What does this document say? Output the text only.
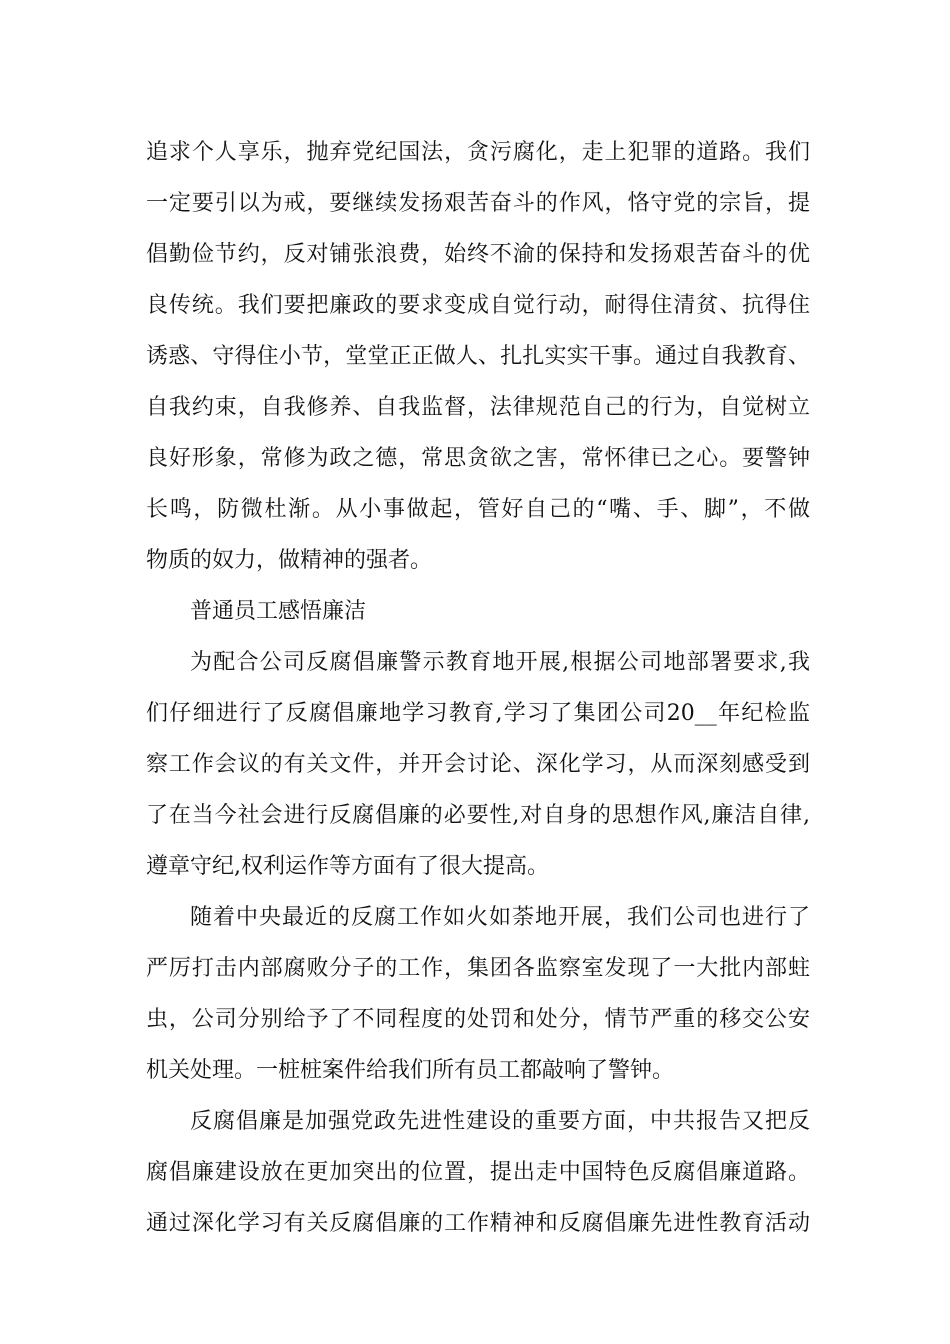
追求个人享乐，抛弃党纪国法，贪污腐化，走上犯罪的道路。我们
一定要引以为戒，要继续发扬艰苦奋斗的作风，恪守党的宗旨，提
倡勤俭节约，反对铺张浪费，始终不渝的保持和发扬艰苦奋斗的优
良传统。我们要把廉政的要求变成自觉行动，耐得住清贫、抗得住
诱惑、守得住小节，堂堂正正做人、扎扎实实干事。通过自我教育、
自我约束，自我修养、自我监督，法律规范自己的行为，自觉树立
良好形象，常修为政之德，常思贪欲之害，常怀律已之心。要警钟
长鸣，防微杜渐。从小事做起，管好自己的“嘴、手、脚”，不做
物质的奴力，做精神的强者。
普通员工感悟廉洁
为配合公司反腐倡廉警示教育地开展,根据公司地部署要求,我
们仔细进行了反腐倡廉地学习教育,学习了集团公司20__年纪检监
察工作会议的有关文件，并开会讨论、深化学习，从而深刻感受到
了在当今社会进行反腐倡廉的必要性,对自身的思想作风,廉洁自律,
遵章守纪,权利运作等方面有了很大提高。
随着中央最近的反腐工作如火如荼地开展，我们公司也进行了
严厉打击内部腐败分子的工作，集团各监察室发现了一大批内部蛀
虫，公司分别给予了不同程度的处罚和处分，情节严重的移交公安
机关处理。一桩桩案件给我们所有员工都敲响了警钟。
反腐倡廉是加强党政先进性建设的重要方面，中共报告又把反
腐倡廉建设放在更加突出的位置，提出走中国特色反腐倡廉道路。
通过深化学习有关反腐倡廉的工作精神和反腐倡廉先进性教育活动
